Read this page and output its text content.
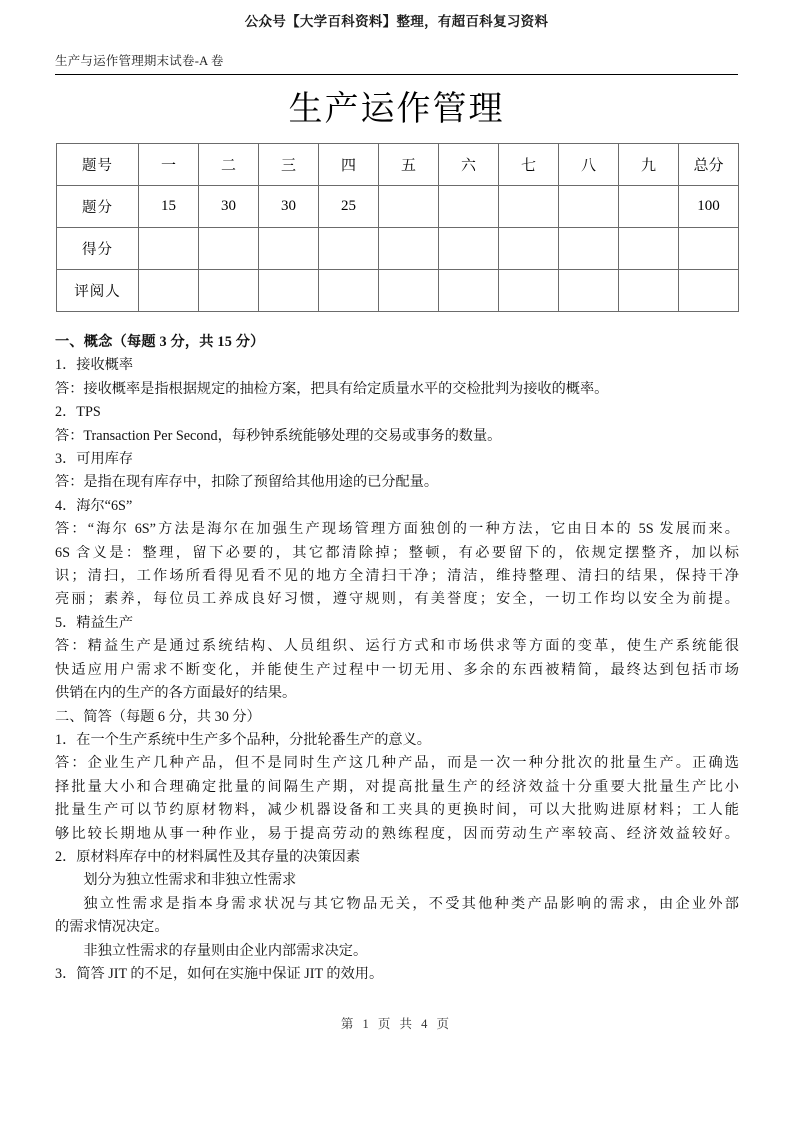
公众号【大学百科资料】整理，有超百科复习资料
生产与运作管理期末试卷-A 卷
生产运作管理
题号	一	二	三	四	五	六	七	八	九	总分
题分	15	30	30	25						100
得分										
评阅人										
一、概念（每题 3 分，共 15 分）
1．接收概率
答：接收概率是指根据规定的抽检方案，把具有给定质量水平的交检批判为接收的概率。
2．TPS
答：Transaction Per Second，每秒钟系统能够处理的交易或事务的数量。
3．可用库存
答：是指在现有库存中，扣除了预留给其他用途的已分配量。
4．海尔“6S”
答：“海尔 6S”方法是海尔在加强生产现场管理方面独创的一种方法，它由日本的 5S 发展而来。
6S 含义是：整理，留下必要的，其它都清除掉；整顿，有必要留下的，依规定摆整齐，加以标
识；清扫，工作场所看得见看不见的地方全清扫干净；清洁，维持整理、清扫的结果，保持干净
亮丽；素养，每位员工养成良好习惯，遵守规则，有美誉度；安全，一切工作均以安全为前提。
5．精益生产
答：精益生产是通过系统结构、人员组织、运行方式和市场供求等方面的变革，使生产系统能很
快适应用户需求不断变化，并能使生产过程中一切无用、多余的东西被精简，最终达到包括市场
供销在内的生产的各方面最好的结果。
二、简答（每题 6 分，共 30 分）
1．在一个生产系统中生产多个品种，分批轮番生产的意义。
答：企业生产几种产品，但不是同时生产这几种产品，而是一次一种分批次的批量生产。正确选
择批量大小和合理确定批量的间隔生产期，对提高批量生产的经济效益十分重要大批量生产比小
批量生产可以节约原材物料，减少机器设备和工夹具的更换时间，可以大批购进原材料；工人能
够比较长期地从事一种作业，易于提高劳动的熟练程度，因而劳动生产率较高、经济效益较好。
2．原材料库存中的材料属性及其存量的决策因素
划分为独立性需求和非独立性需求
独立性需求是指本身需求状况与其它物品无关，不受其他种类产品影响的需求，由企业外部
的需求情况决定。
非独立性需求的存量则由企业内部需求决定。
3．简答 JIT 的不足，如何在实施中保证 JIT 的效用。
第 1 页 共 4 页
